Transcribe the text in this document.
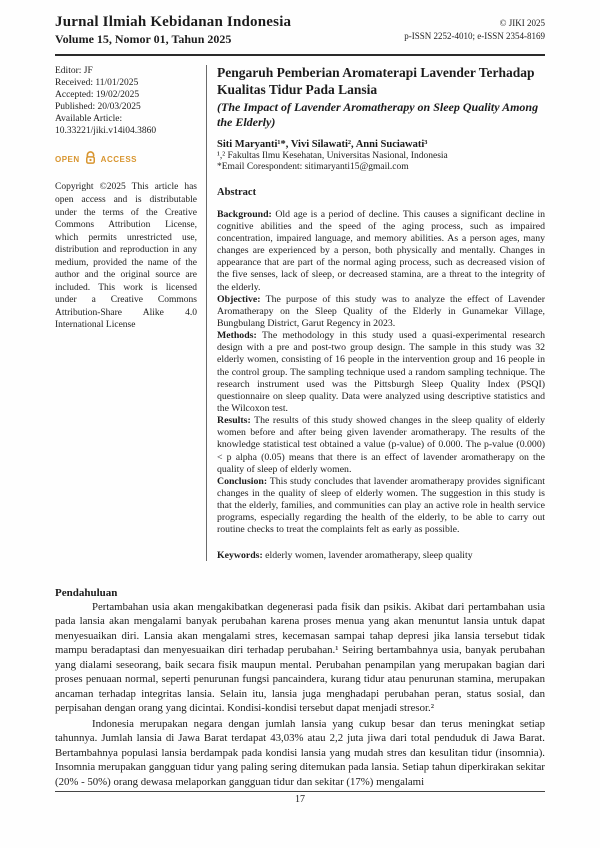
Jurnal Ilmiah Kebidanan Indonesia
Volume 15, Nomor 01, Tahun 2025
© JIKI 2025
p-ISSN 2252-4010; e-ISSN 2354-8169
Editor: JF
Received: 11/01/2025
Accepted: 19/02/2025
Published: 20/03/2025
Available Article:
10.33221/jiki.v14i04.3860
OPEN	ACCESS
Copyright ©2025 This article has open access and is distributable under the terms of the Creative Commons Attribution License, which permits unrestricted use, distribution and reproduction in any medium, provided the name of the author and the original source are included. This work is licensed under a Creative Commons Attribution-Share Alike 4.0 International License
Pengaruh Pemberian Aromaterapi Lavender Terhadap Kualitas Tidur Pada Lansia
(The Impact of Lavender Aromatherapy on Sleep Quality Among the Elderly)
Siti Maryanti¹*, Vivi Silawati², Anni Suciawati³
¹,² Fakultas Ilmu Kesehatan, Universitas Nasional, Indonesia
*Email Corespondent: sitimaryanti15@gmail.com
Abstract
Background: Old age is a period of decline. This causes a significant decline in cognitive abilities and the speed of the aging process, such as impaired concentration, impaired language, and memory abilities. As a person ages, many changes are experienced by a person, both physically and mentally. Changes in appearance that are part of the normal aging process, such as decreased vision of the five senses, lack of sleep, or decreased stamina, are a threat to the integrity of the elderly.
Objective: The purpose of this study was to analyze the effect of Lavender Aromatherapy on the Sleep Quality of the Elderly in Gunamekar Village, Bungbulang District, Garut Regency in 2023.
Methods: The methodology in this study used a quasi-experimental research design with a pre and post-two group design. The sample in this study was 32 elderly women, consisting of 16 people in the intervention group and 16 people in the control group. The sampling technique used a random sampling technique. The research instrument used was the Pittsburgh Sleep Quality Index (PSQI) questionnaire on sleep quality. Data were analyzed using descriptive statistics and the Wilcoxon test.
Results: The results of this study showed changes in the sleep quality of elderly women before and after being given lavender aromatherapy. The results of the knowledge statistical test obtained a value (p-value) of 0.000. The p-value (0.000) < p alpha (0.05) means that there is an effect of lavender aromatherapy on the quality of sleep of elderly women.
Conclusion: This study concludes that lavender aromatherapy provides significant changes in the quality of sleep of elderly women. The suggestion in this study is that the elderly, families, and communities can play an active role in health service programs, especially regarding the health of the elderly, to be able to carry out routine checks to treat the complaints felt as early as possible.
Keywords: elderly women, lavender aromatherapy, sleep quality
Pendahuluan

Pertambahan usia akan mengakibatkan degenerasi pada fisik dan psikis. Akibat dari pertambahan usia pada lansia akan mengalami banyak perubahan karena proses menua yang akan menuntut lansia untuk dapat menyesuaikan diri. Lansia akan mengalami stres, kecemasan sampai tahap depresi jika lansia tersebut tidak mampu beradaptasi dan menyesuaikan diri terhadap perubahan.¹ Seiring bertambahnya usia, banyak perubahan yang dialami seseorang, baik secara fisik maupun mental. Perubahan penampilan yang merupakan bagian dari proses penuaan normal, seperti penurunan fungsi pancaindera, kurang tidur atau penurunan stamina, merupakan ancaman terhadap integritas lansia. Selain itu, lansia juga menghadapi perubahan peran, status sosial, dan perpisahan dengan orang yang dicintai. Kondisi-kondisi tersebut dapat menjadi stresor.²

Indonesia merupakan negara dengan jumlah lansia yang cukup besar dan terus meningkat setiap tahunnya. Jumlah lansia di Jawa Barat terdapat 43,03% atau 2,2 juta jiwa dari total penduduk di Jawa Barat. Bertambahnya populasi lansia berdampak pada kondisi lansia yang mudah stres dan kesulitan tidur (insomnia). Insomnia merupakan gangguan tidur yang paling sering ditemukan pada lansia. Setiap tahun diperkirakan sekitar (20% - 50%) orang dewasa melaporkan gangguan tidur dan sekitar (17%) mengalami

17
